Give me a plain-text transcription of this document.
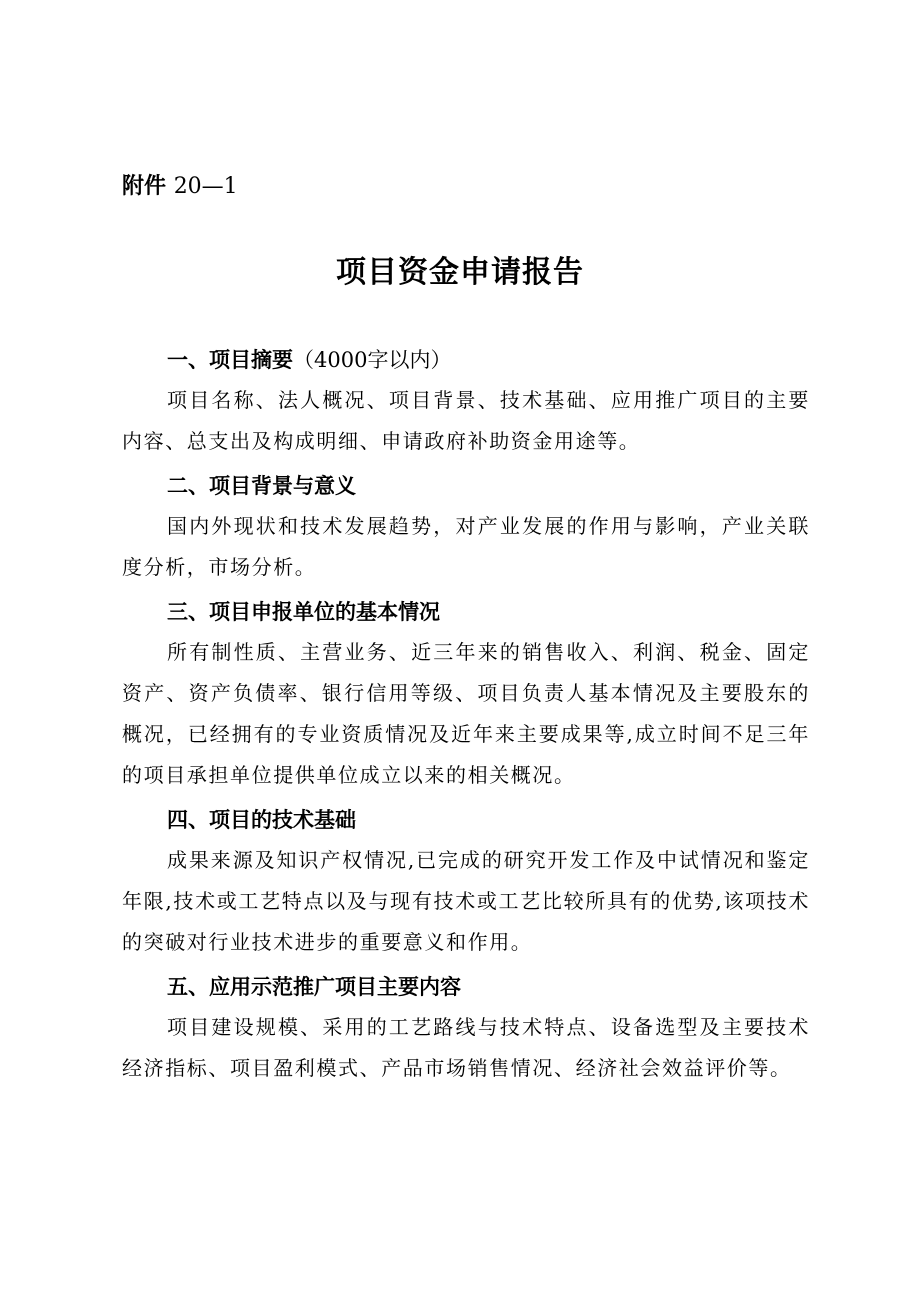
附件 20—1
项目资金申请报告
一、项目摘要（4000字以内）

项目名称、法人概况、项目背景、技术基础、应用推广项目的主要内容、总支出及构成明细、申请政府补助资金用途等。

二、项目背景与意义

国内外现状和技术发展趋势，对产业发展的作用与影响，产业关联度分析，市场分析。

三、项目申报单位的基本情况

所有制性质、主营业务、近三年来的销售收入、利润、税金、固定资产、资产负债率、银行信用等级、项目负责人基本情况及主要股东的概况，已经拥有的专业资质情况及近年来主要成果等,成立时间不足三年的项目承担单位提供单位成立以来的相关概况。

四、项目的技术基础

成果来源及知识产权情况,已完成的研究开发工作及中试情况和鉴定年限,技术或工艺特点以及与现有技术或工艺比较所具有的优势,该项技术的突破对行业技术进步的重要意义和作用。

五、应用示范推广项目主要内容

项目建设规模、采用的工艺路线与技术特点、设备选型及主要技术经济指标、项目盈利模式、产品市场销售情况、经济社会效益评价等。
